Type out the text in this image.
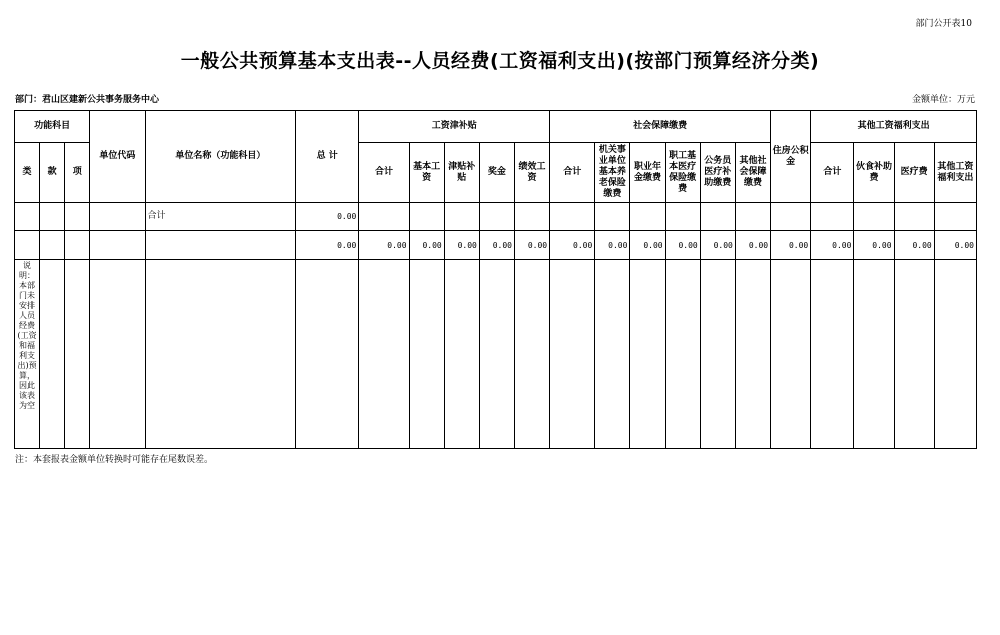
部门公开表10
一般公共预算基本支出表--人员经费(工资福利支出)(按部门预算经济分类)
部门：君山区建新公共事务服务中心	金额单位：万元
功能科目			单位代码	单位名称（功能科目）	总 计	工资津补贴					社会保障缴费						住房公积金	其他工资福利支出			
类	款	项				合计	基本工资	津贴补贴	奖金	绩效工资	合计	机关事业单位基本养老保险缴费	职业年金缴费	职工基本医疗保险缴费	公务员医疗补助缴费	其他社会保障缴费		合计	伙食补助费	医疗费	其他工资福利支出
				合计	0.00																
					0.00	0.00	0.00	0.00	0.00	0.00	0.00	0.00	0.00	0.00	0.00	0.00	0.00	0.00	0.00	0.00	0.00

说明：本部门未安排人员经费(工资和福利支出)预算，因此该表为空																					

注：本套报表金额单位转换时可能存在尾数误差。
